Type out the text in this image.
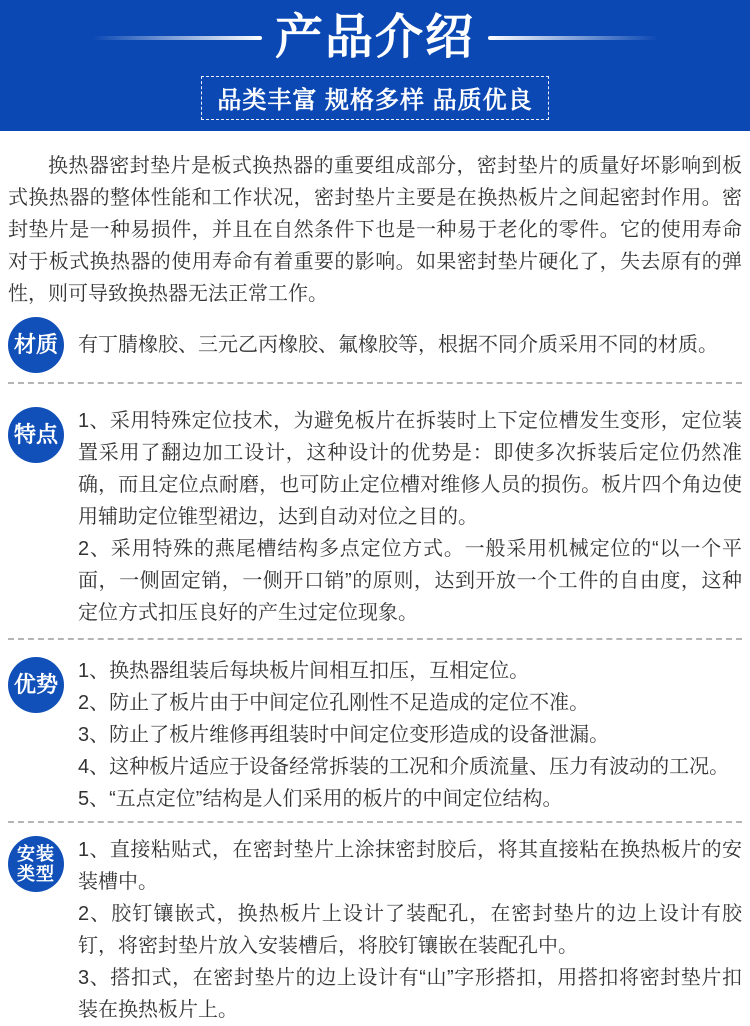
产品介绍
品类丰富 规格多样 品质优良

换热器密封垫片是板式换热器的重要组成部分，密封垫片的质量好坏影响到板式换热器的整体性能和工作状况，密封垫片主要是在换热板片之间起密封作用。密封垫片是一种易损件，并且在自然条件下也是一种易于老化的零件。它的使用寿命对于板式换热器的使用寿命有着重要的影响。如果密封垫片硬化了，失去原有的弹性，则可导致换热器无法正常工作。

材质 有丁腈橡胶、三元乙丙橡胶、氟橡胶等，根据不同介质采用不同的材质。

特点

1、采用特殊定位技术，为避免板片在拆装时上下定位槽发生变形，定位装置采用了翻边加工设计，这种设计的优势是：即使多次拆装后定位仍然准确，而且定位点耐磨，也可防止定位槽对维修人员的损伤。板片四个角边使用辅助定位锥型裙边，达到自动对位之目的。

2、采用特殊的燕尾槽结构多点定位方式。一般采用机械定位的“以一个平面，一侧固定销，一侧开口销”的原则，达到开放一个工件的自由度，这种定位方式扣压良好的产生过定位现象。

优势

1、换热器组装后每块板片间相互扣压，互相定位。

2、防止了板片由于中间定位孔刚性不足造成的定位不准。

3、防止了板片维修再组装时中间定位变形造成的设备泄漏。

4、这种板片适应于设备经常拆装的工况和介质流量、压力有波动的工况。

5、“五点定位”结构是人们采用的板片的中间定位结构。

安装
类型

1、直接粘贴式，在密封垫片上涂抹密封胶后，将其直接粘在换热板片的安装槽中。

2、胶钉镶嵌式，换热板片上设计了装配孔，在密封垫片的边上设计有胶钉，将密封垫片放入安装槽后，将胶钉镶嵌在装配孔中。

3、搭扣式，在密封垫片的边上设计有“山”字形搭扣，用搭扣将密封垫片扣装在换热板片上。
